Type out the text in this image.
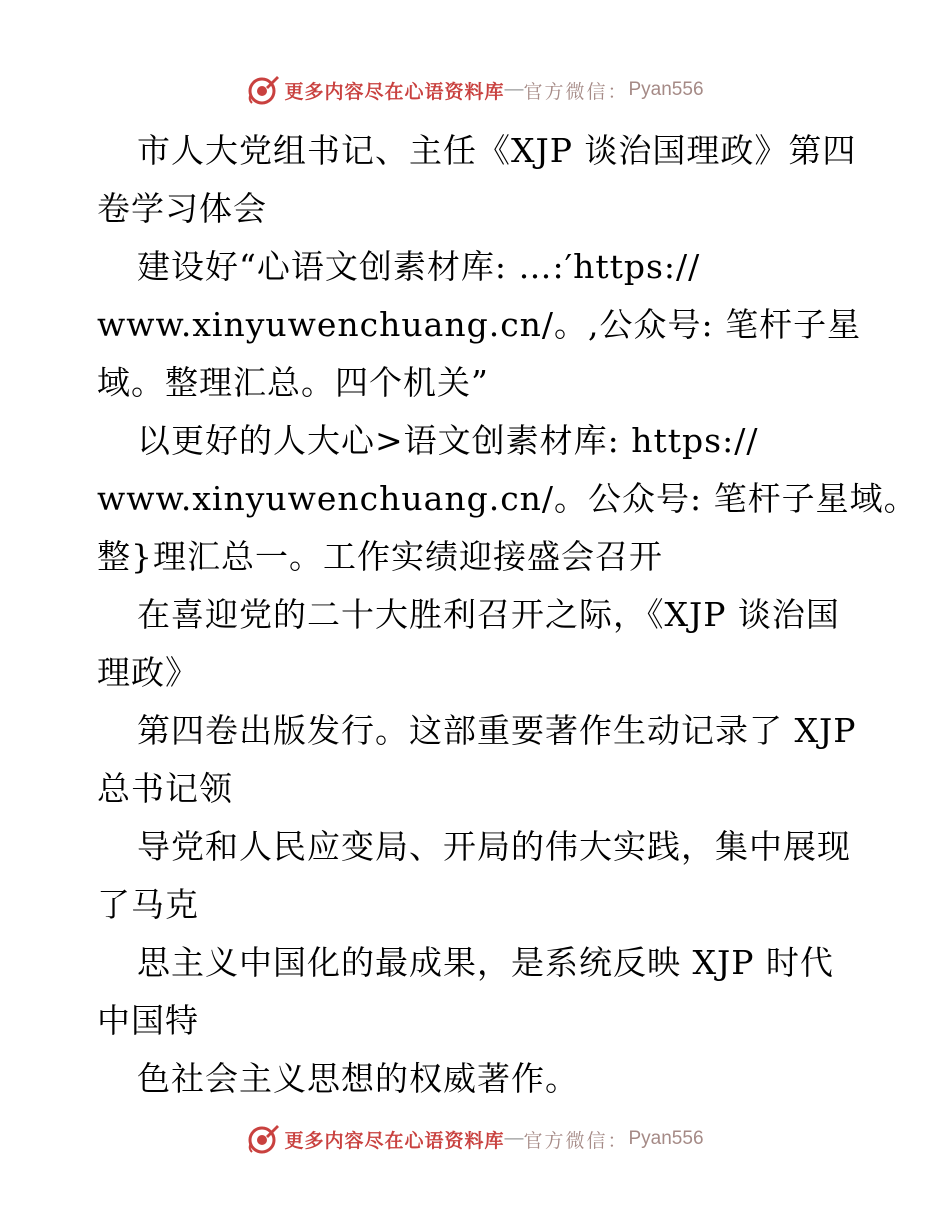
更多内容尽在心语资料库 — 官方微信： Pyan556
市人大党组书记、主任《XJP 谈治国理政》第四
卷学习体会
建设好“心语文创素材库: …:′https://
www.xinyuwenchuang.cn/。,公众号: 笔杆子星
域。整理汇总。四个机关”
以更好的人大心>语文创素材库: https://
www.xinyuwenchuang.cn/。公众号: 笔杆子星域。
整}理汇总一。工作实绩迎接盛会召开
在喜迎党的二十大胜利召开之际，《XJP 谈治国
理政》
第四卷出版发行。这部重要著作生动记录了 XJP
总书记领
导党和人民应变局、开局的伟大实践，集中展现
了马克
思主义中国化的最成果，是系统反映 XJP 时代
中国特
色社会主义思想的权威著作。
更多内容尽在心语资料库 — 官方微信： Pyan556
